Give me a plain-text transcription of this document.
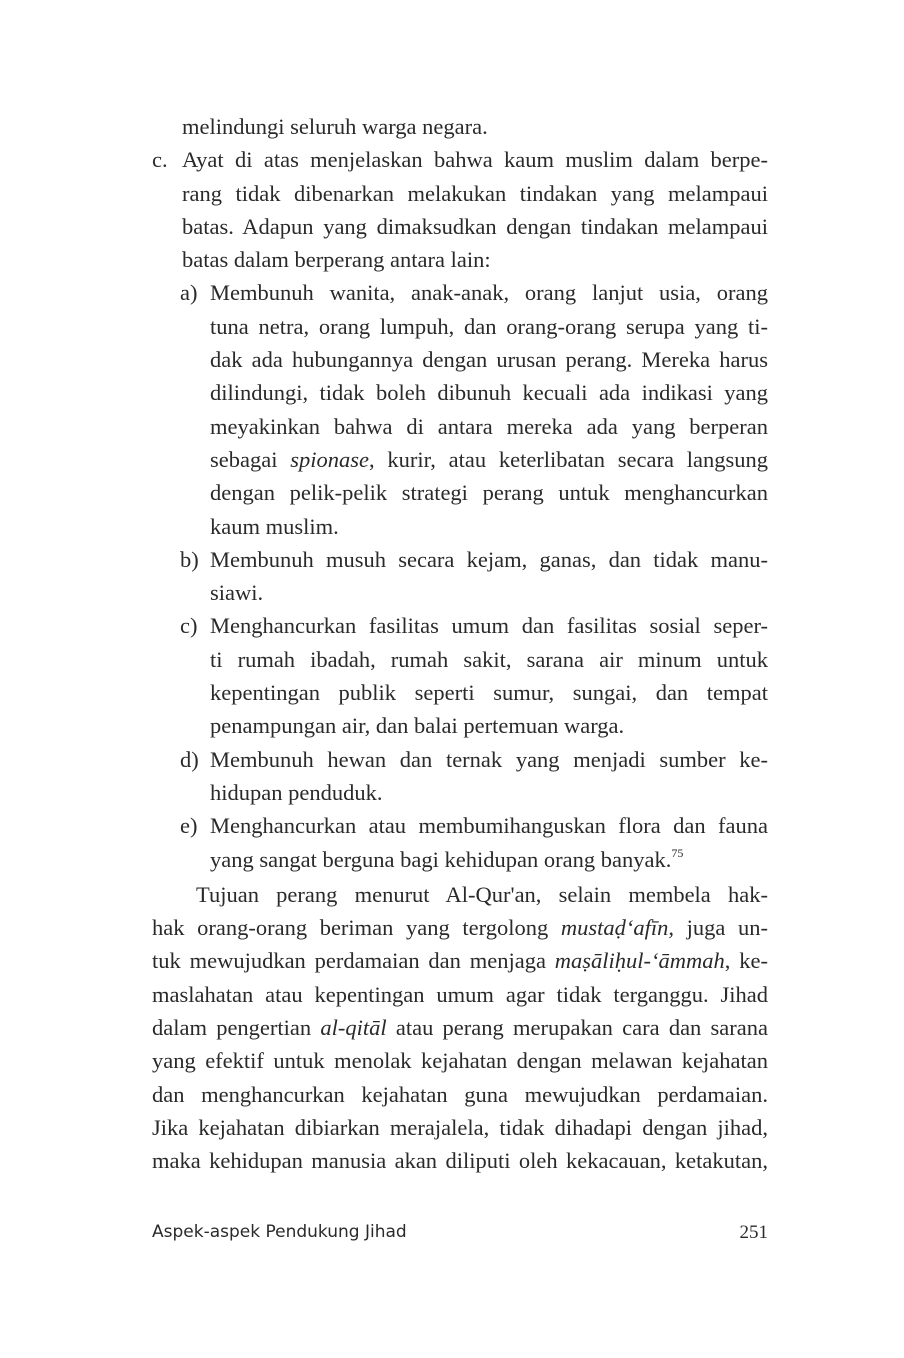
melindungi seluruh warga negara.
c. Ayat di atas menjelaskan bahwa kaum muslim dalam berpe-
rang tidak dibenarkan melakukan tindakan yang melampaui
batas. Adapun yang dimaksudkan dengan tindakan melampaui
batas dalam berperang antara lain:
a) Membunuh wanita, anak-anak, orang lanjut usia, orang
tuna netra, orang lumpuh, dan orang-orang serupa yang ti-
dak ada hubungannya dengan urusan perang. Mereka harus
dilindungi, tidak boleh dibunuh kecuali ada indikasi yang
meyakinkan bahwa di antara mereka ada yang berperan
sebagai spionase, kurir, atau keterlibatan secara langsung
dengan pelik-pelik strategi perang untuk menghancurkan
kaum muslim.
b) Membunuh musuh secara kejam, ganas, dan tidak manu-
siawi.
c) Menghancurkan fasilitas umum dan fasilitas sosial seper-
ti rumah ibadah, rumah sakit, sarana air minum untuk
kepentingan publik seperti sumur, sungai, dan tempat
penampungan air, dan balai pertemuan warga.
d) Membunuh hewan dan ternak yang menjadi sumber ke-
hidupan penduduk.
e) Menghancurkan atau membumihanguskan flora dan fauna
yang sangat berguna bagi kehidupan orang banyak.$^{75}$
Tujuan perang menurut Al-Qur'an, selain membela hak-
hak orang-orang beriman yang tergolong mustaḍ‘afīn, juga un-
tuk mewujudkan perdamaian dan menjaga maṣāliḥul-‘āmmah, ke-
maslahatan atau kepentingan umum agar tidak terganggu. Jihad
dalam pengertian al-qitāl atau perang merupakan cara dan sarana
yang efektif untuk menolak kejahatan dengan melawan kejahatan
dan menghancurkan kejahatan guna mewujudkan perdamaian.
Jika kejahatan dibiarkan merajalela, tidak dihadapi dengan jihad,
maka kehidupan manusia akan diliputi oleh kekacauan, ketakutan,
Aspek-aspek Pendukung Jihad	251
